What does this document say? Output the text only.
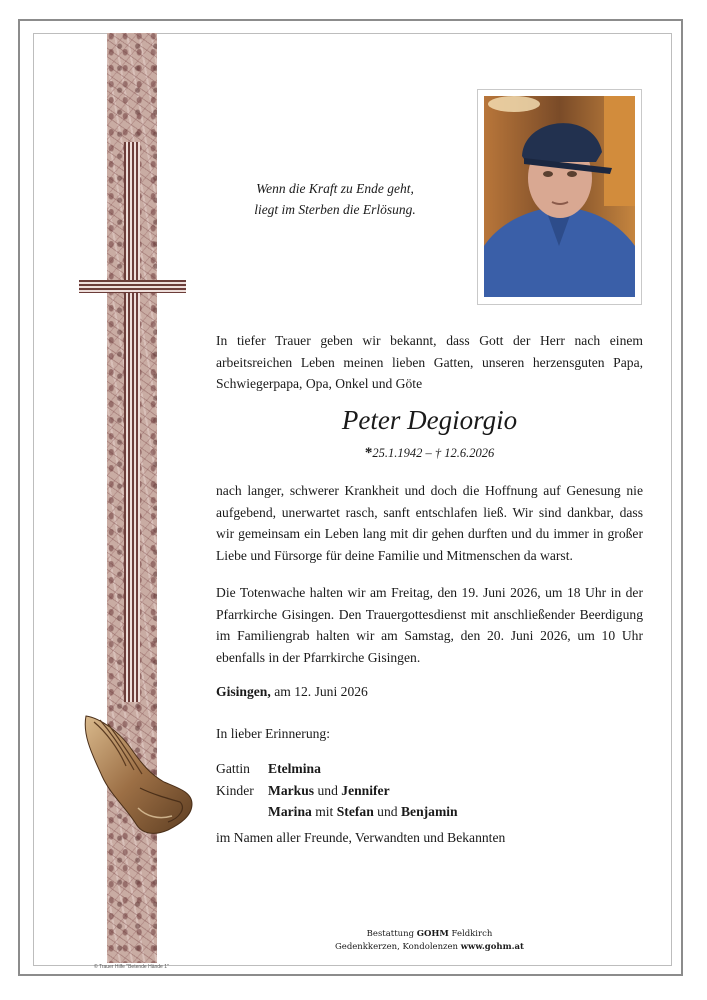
© Trauer Hilfe "Betende Hände 1"
Wenn die Kraft zu Ende geht,
liegt im Sterben die Erlösung.
In tiefer Trauer geben wir bekannt, dass Gott der Herr nach einem arbeitsreichen Leben meinen lieben Gatten, unseren herzensguten Papa, Schwiegerpapa, Opa, Onkel und Göte
Peter Degiorgio
*25.1.1942 – † 12.6.2026
nach langer, schwerer Krankheit und doch die Hoffnung auf Genesung nie aufgebend, unerwartet rasch, sanft entschlafen ließ. Wir sind dankbar, dass wir gemeinsam ein Leben lang mit dir gehen durften und du immer in großer Liebe und Fürsorge für deine Familie und Mitmenschen da warst.
Die Totenwache halten wir am Freitag, den 19. Juni 2026, um 18 Uhr in der Pfarrkirche Gisingen. Den Trauergottesdienst mit anschließender Beerdigung im Familiengrab halten wir am Samstag, den 20. Juni 2026, um 10 Uhr ebenfalls in der Pfarrkirche Gisingen.
Gisingen, am 12. Juni 2026
In lieber Erinnerung:
Gattin	Etelmina
Kinder	Markus und Jennifer
Marina mit Stefan und Benjamin
im Namen aller Freunde, Verwandten und Bekannten
Bestattung GOHM Feldkirch
Gedenkkerzen, Kondolenzen www.gohm.at
